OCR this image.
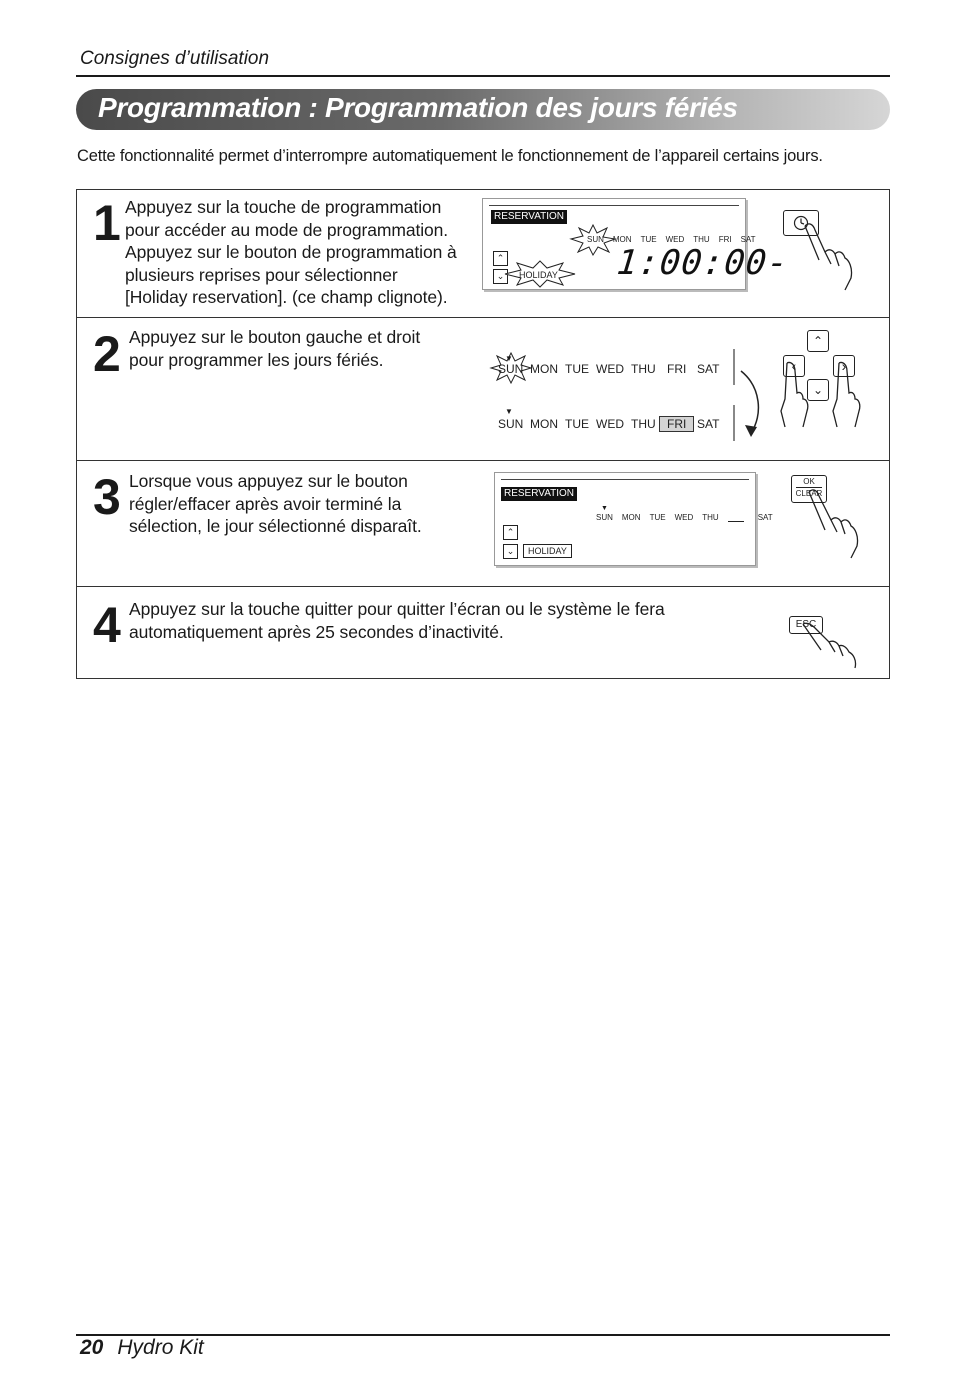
Consignes d’utilisation
Programmation : Programmation des jours fériés
Cette fonctionnalité permet d’interrompre automatiquement le fonctionnement de l’appareil certains jours.
1 Appuyez sur la touche de programmation
pour accéder au mode de programmation.
Appuyez sur le bouton de programmation à
plusieurs reprises pour sélectionner
[Holiday reservation]. (ce champ clignote).
RESERVATION
SUN MON TUE WED THU FRI SAT
⌃
⌄	HOLIDAY 1:00:00-
2 Appuyez sur le bouton gauche et droit
pour programmer les jours fériés.	▼
SUN MON TUE WED THU FRI SAT
▼
SUN MON TUE WED THU FRI SAT
⌃
‹	›
⌄
3 Lorsque vous appuyez sur le bouton
régler/effacer après avoir terminé la
sélection, le jour sélectionné disparaît.
RESERVATION
▼
SUN MON TUE WED THU	SAT
⌃
⌄	HOLIDAY
OK
CLEAR
4 Appuyez sur la touche quitter pour quitter l’écran ou le système le fera
automatiquement après 25 secondes d’inactivité.	ESC
20 Hydro Kit
